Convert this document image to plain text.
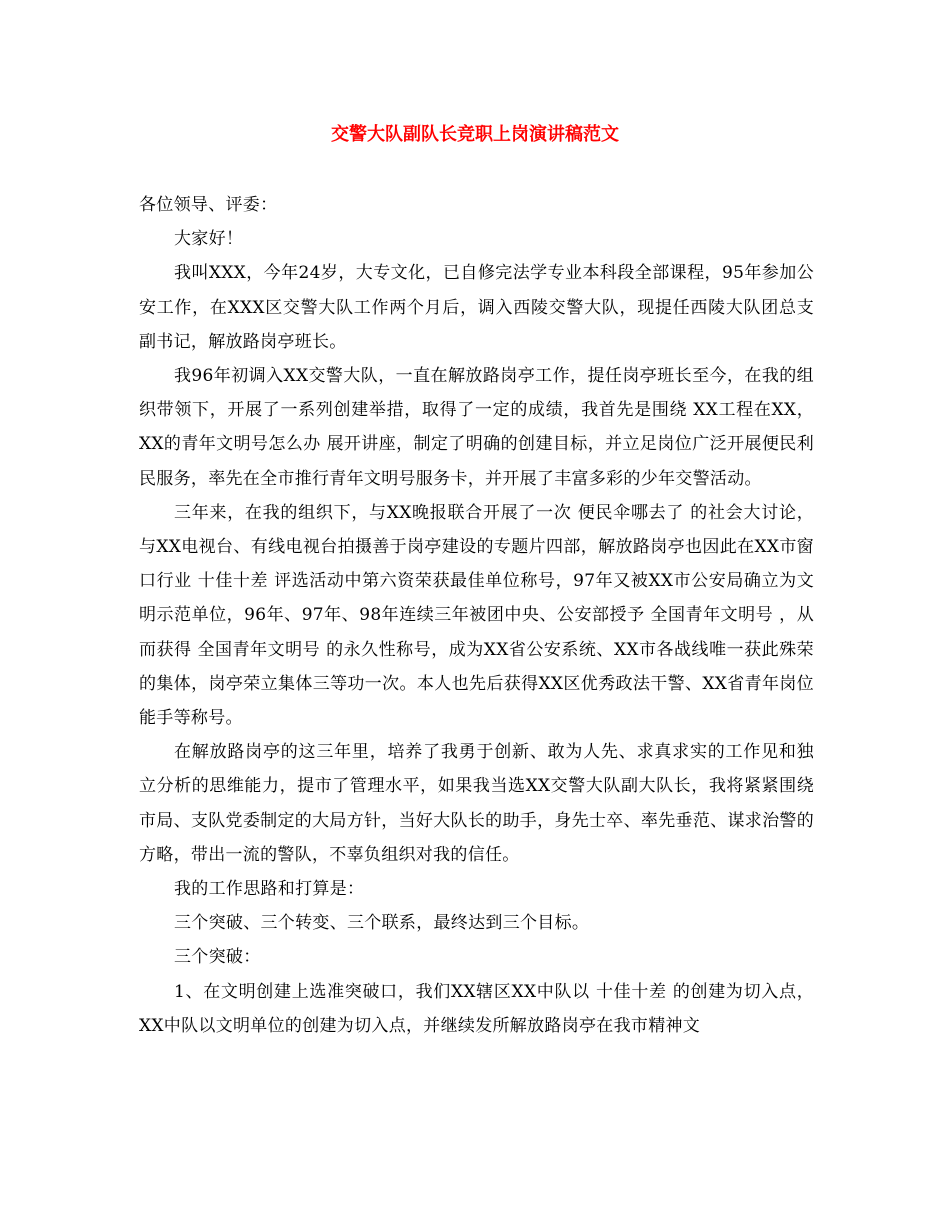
交警大队副队长竞职上岗演讲稿范文

各位领导、评委：

大家好！

我叫XXX，今年24岁，大专文化，已自修完法学专业本科段全部课程，95年参加公安工作，在XXX区交警大队工作两个月后，调入西陵交警大队，现提任西陵大队团总支副书记，解放路岗亭班长。

我96年初调入XX交警大队，一直在解放路岗亭工作，提任岗亭班长至今，在我的组织带领下，开展了一系列创建举措，取得了一定的成绩，我首先是围绕 XX工程在XX，XX的青年文明号怎么办 展开讲座，制定了明确的创建目标，并立足岗位广泛开展便民利民服务，率先在全市推行青年文明号服务卡，并开展了丰富多彩的少年交警活动。

三年来，在我的组织下，与XX晚报联合开展了一次 便民伞哪去了 的社会大讨论，与XX电视台、有线电视台拍摄善于岗亭建设的专题片四部，解放路岗亭也因此在XX市窗口行业 十佳十差 评选活动中第六资荣获最佳单位称号，97年又被XX市公安局确立为文明示范单位，96年、97年、98年连续三年被团中央、公安部授予 全国青年文明号 ，从而获得 全国青年文明号 的永久性称号，成为XX省公安系统、XX市各战线唯一获此殊荣的集体，岗亭荣立集体三等功一次。本人也先后获得XX区优秀政法干警、XX省青年岗位能手等称号。

在解放路岗亭的这三年里，培养了我勇于创新、敢为人先、求真求实的工作见和独立分析的思维能力，提市了管理水平，如果我当选XX交警大队副大队长，我将紧紧围绕市局、支队党委制定的大局方针，当好大队长的助手，身先士卒、率先垂范、谋求治警的方略，带出一流的警队，不辜负组织对我的信任。

我的工作思路和打算是：

三个突破、三个转变、三个联系，最终达到三个目标。

三个突破：

1、在文明创建上选准突破口，我们XX辖区XX中队以 十佳十差 的创建为切入点，XX中队以文明单位的创建为切入点，并继续发所解放路岗亭在我市精神文
